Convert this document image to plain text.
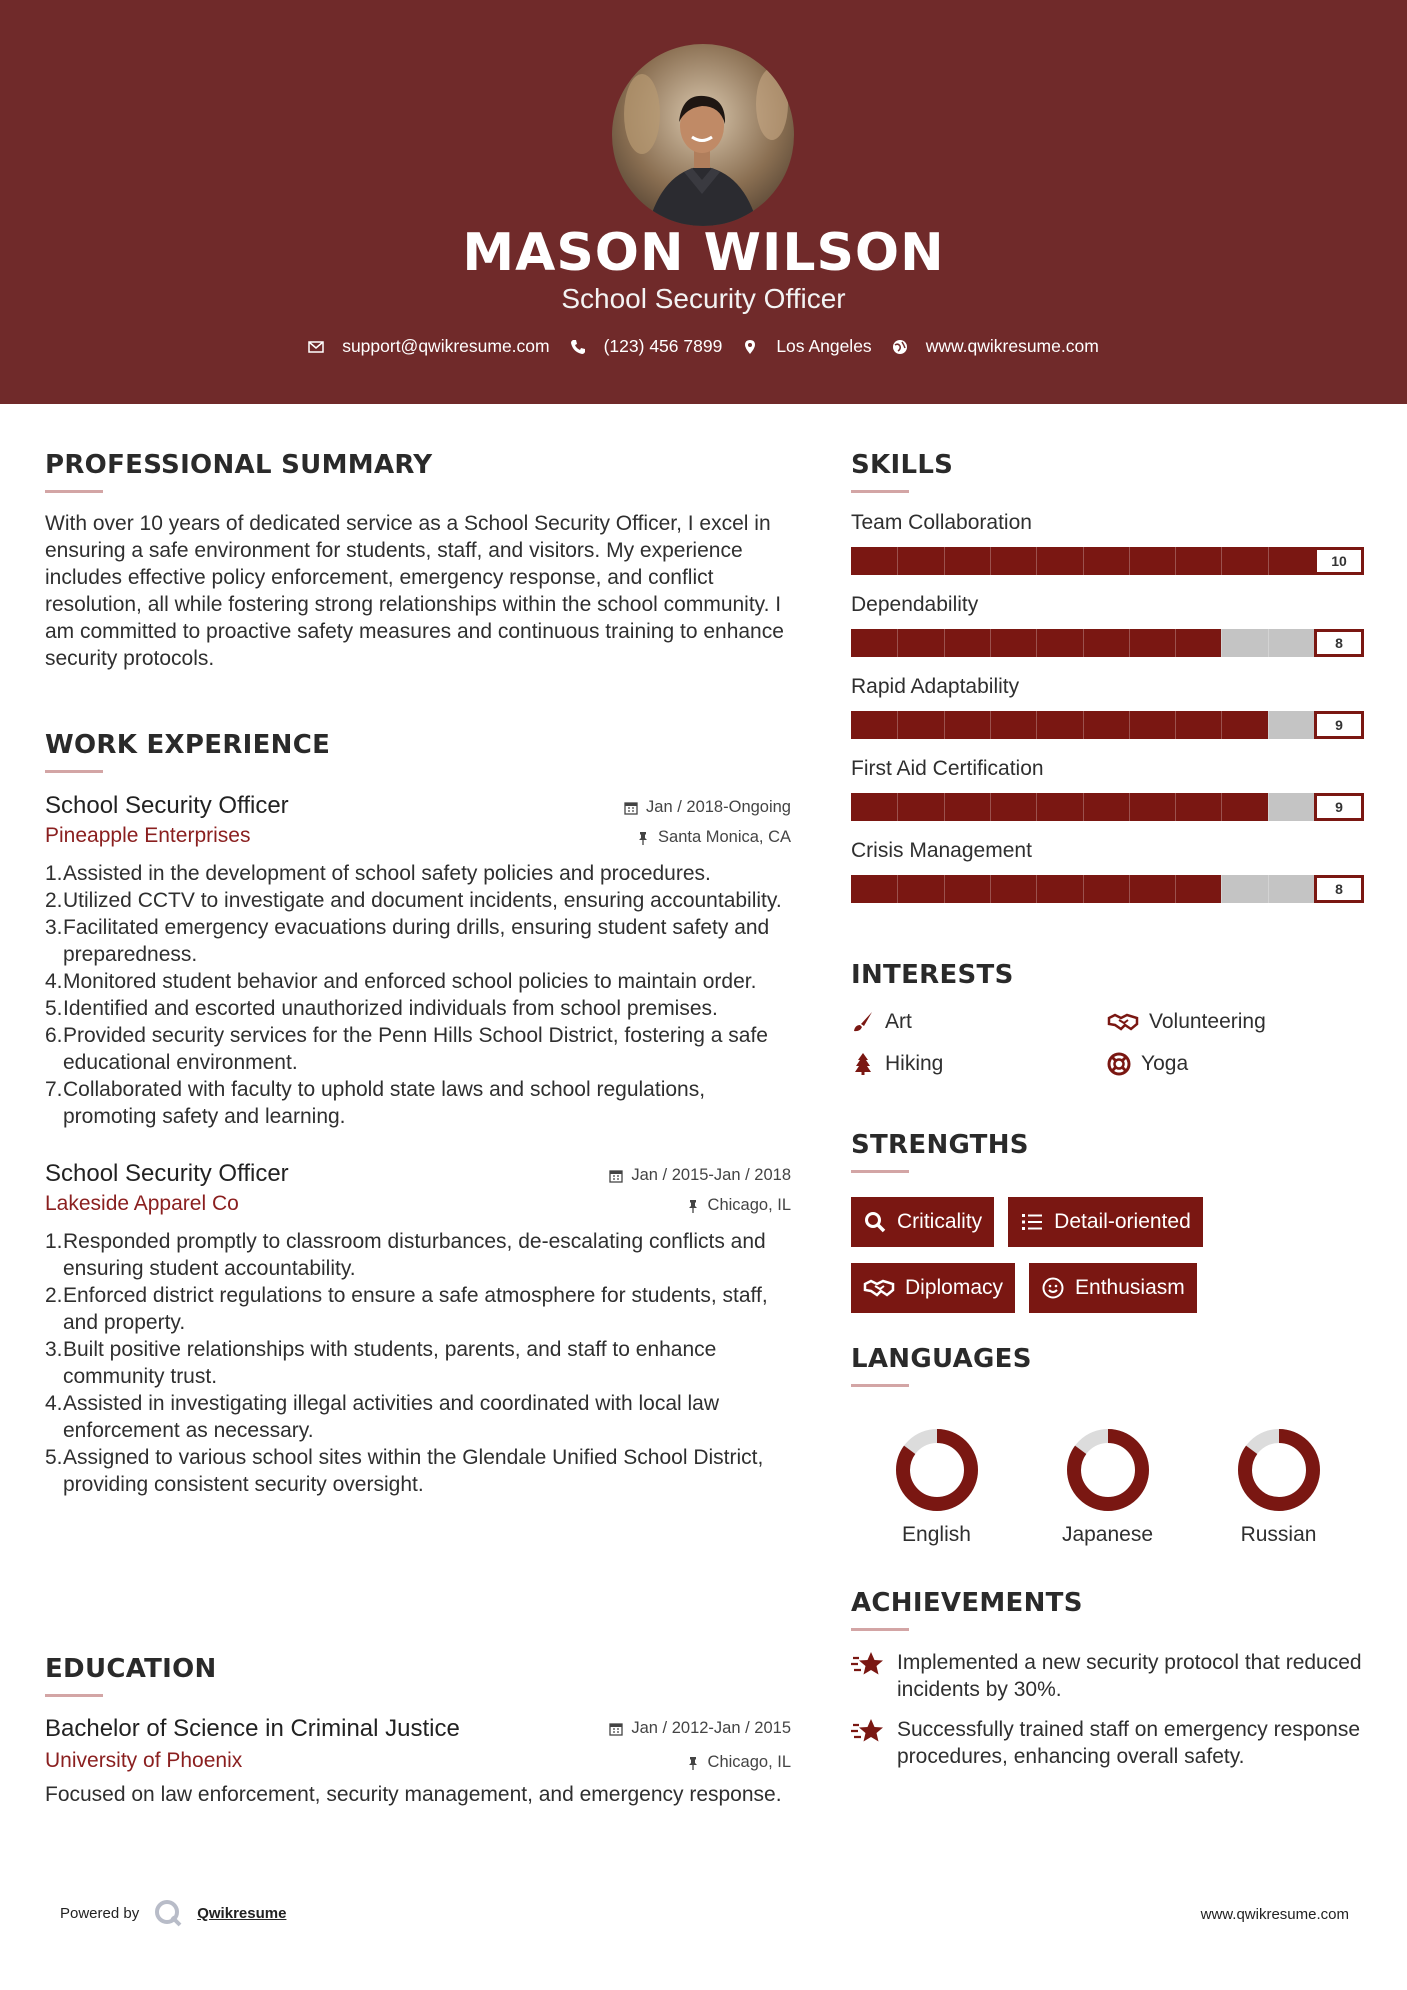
MASON WILSON
School Security Officer
support@qwikresume.com	(123) 456 7899	Los Angeles	www.qwikresume.com
PROFESSIONAL SUMMARY
With over 10 years of dedicated service as a School Security Officer, I excel in ensuring a safe environment for students, staff, and visitors. My experience includes effective policy enforcement, emergency response, and conflict resolution, all while fostering strong relationships within the school community. I am committed to proactive safety measures and continuous training to enhance security protocols.
WORK EXPERIENCE
School Security Officer	Jan / 2018-Ongoing
Pineapple Enterprises	Santa Monica, CA
1. Assisted in the development of school safety policies and procedures.
2. Utilized CCTV to investigate and document incidents, ensuring accountability.
3. Facilitated emergency evacuations during drills, ensuring student safety and preparedness.
4. Monitored student behavior and enforced school policies to maintain order.
5. Identified and escorted unauthorized individuals from school premises.
6. Provided security services for the Penn Hills School District, fostering a safe educational environment.
7. Collaborated with faculty to uphold state laws and school regulations, promoting safety and learning.
School Security Officer	Jan / 2015-Jan / 2018
Lakeside Apparel Co	Chicago, IL
1. Responded promptly to classroom disturbances, de-escalating conflicts and ensuring student accountability.
2. Enforced district regulations to ensure a safe atmosphere for students, staff, and property.
3. Built positive relationships with students, parents, and staff to enhance community trust.
4. Assisted in investigating illegal activities and coordinated with local law enforcement as necessary.
5. Assigned to various school sites within the Glendale Unified School District, providing consistent security oversight.
EDUCATION
Bachelor of Science in Criminal Justice	Jan / 2012-Jan / 2015
University of Phoenix	Chicago, IL
Focused on law enforcement, security management, and emergency response.
SKILLS
Team Collaboration
10
Dependability
8
Rapid Adaptability
9
First Aid Certification
9
Crisis Management
8
INTERESTS
Art	Volunteering
Hiking	Yoga
STRENGTHS
Criticality	Detail-oriented
Diplomacy	Enthusiasm
LANGUAGES
English	Japanese	Russian
ACHIEVEMENTS
Implemented a new security protocol that reduced incidents by 30%.
Successfully trained staff on emergency response procedures, enhancing overall safety.
Powered by	Qwikresume	www.qwikresume.com
